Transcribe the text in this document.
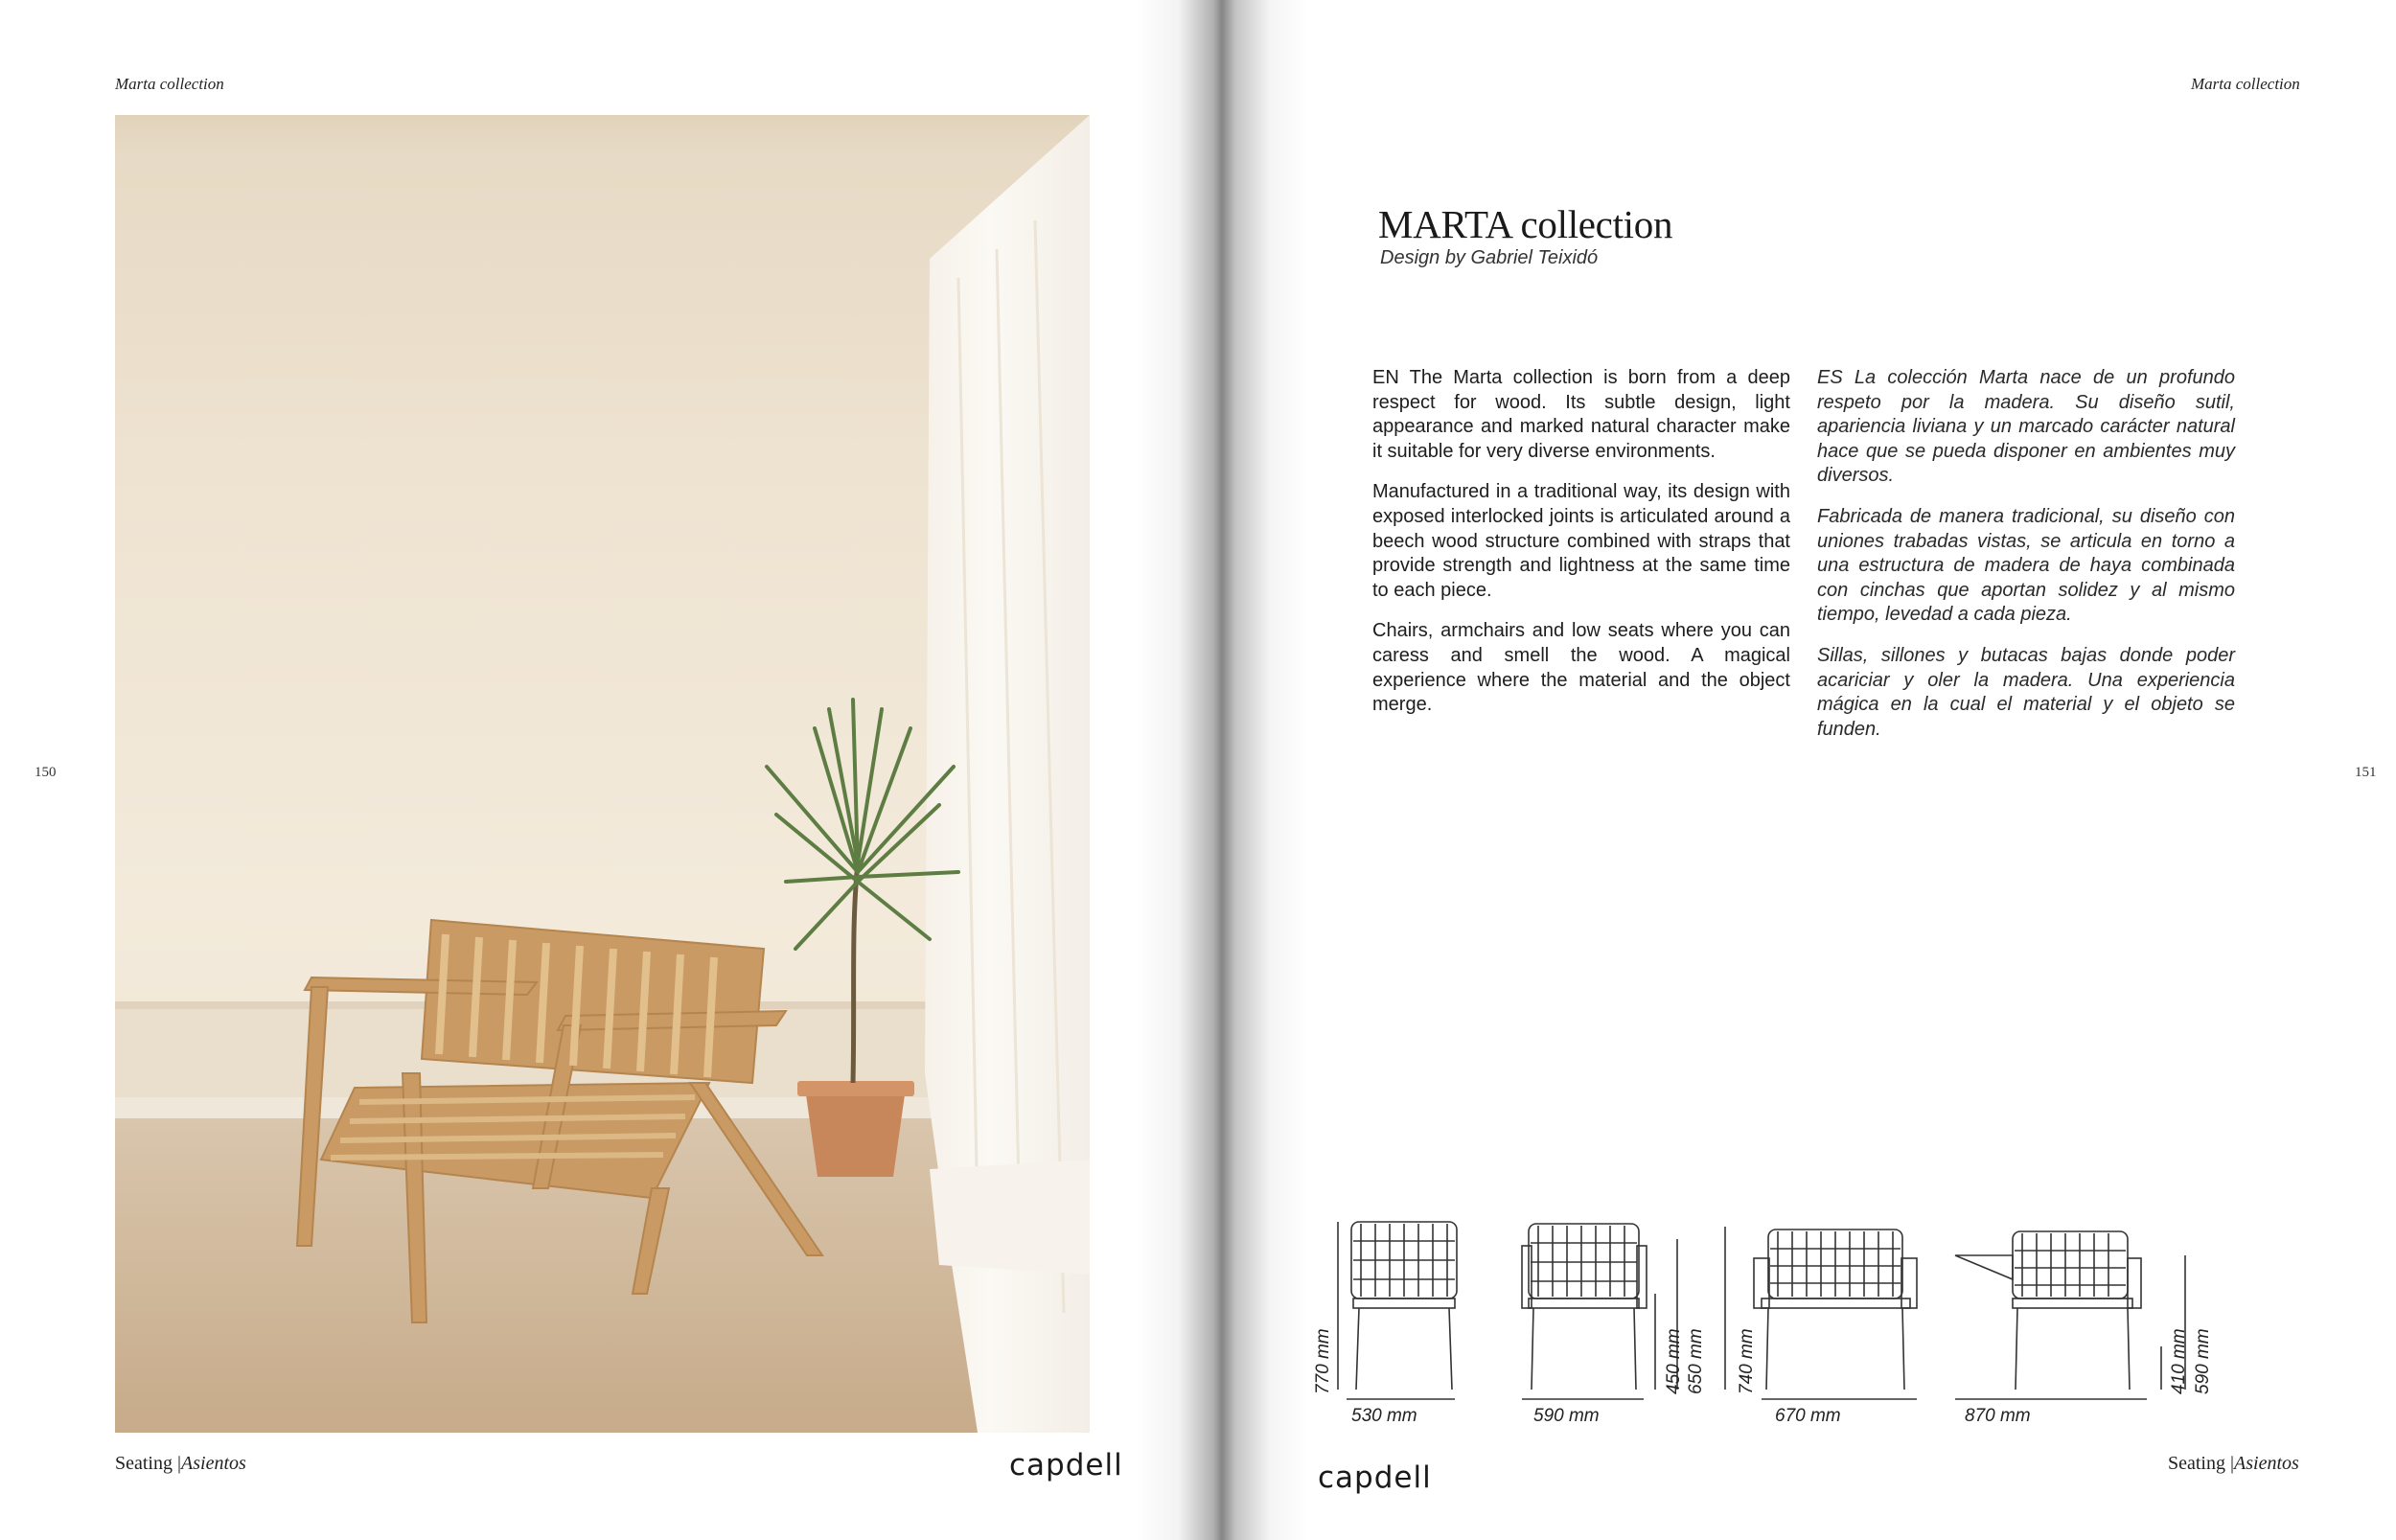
Marta collection
150
Seating |Asientos	capdell
Marta collection
151
MARTA collection
Design by Gabriel Teixidó

EN The Marta collection is born from a deep respect for wood. Its subtle design, light appearance and marked natural character make it suitable for very diverse environments.

Manufactured in a traditional way, its design with exposed interlocked joints is articulated around a beech wood structure combined with straps that provide strength and lightness at the same time to each piece.

Chairs, armchairs and low seats where you can caress and smell the wood. A magical experience where the material and the object merge.

ES La colección Marta nace de un profundo respeto por la madera. Su diseño sutil, apariencia liviana y un marcado carácter natural hace que se pueda disponer en ambientes muy diversos.

Fabricada de manera tradicional, su diseño con uniones trabadas vistas, se articula en torno a una estructura de madera de haya combinada con cinchas que aportan solidez y al mismo tiempo, levedad a cada pieza.

Sillas, sillones y butacas bajas donde poder acariciar y oler la madera. Una experiencia mágica en la cual el material y el objeto se funden.

770 mm
530 mm
450 mm 650 mm
590 mm
740 mm
670 mm
410 mm 590 mm
870 mm
capdell	Seating |Asientos
